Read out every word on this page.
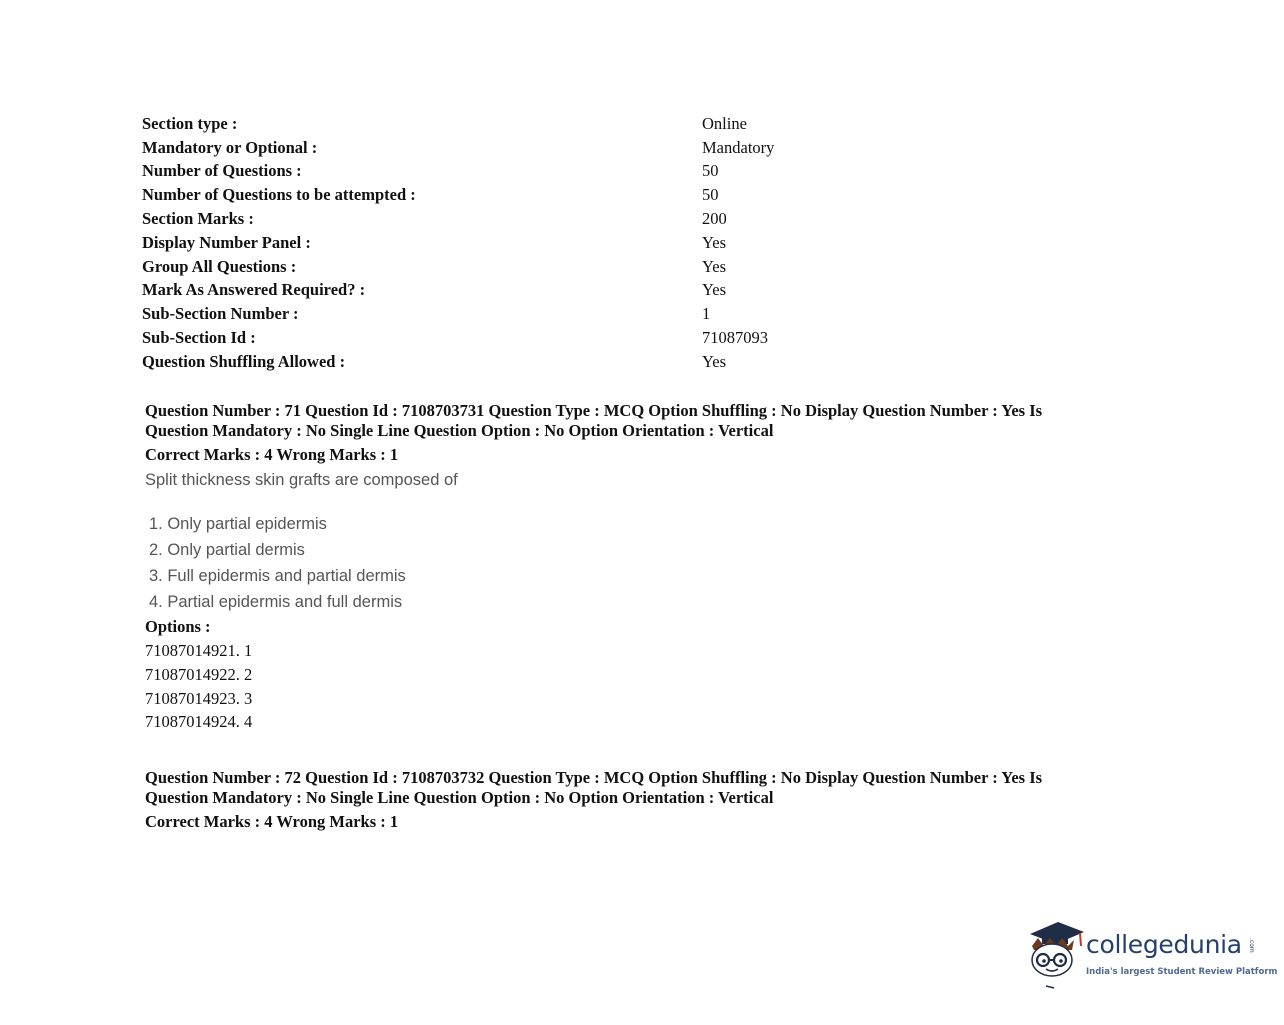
Section type :	Online
Mandatory or Optional :	Mandatory
Number of Questions :	50
Number of Questions to be attempted :	50
Section Marks :	200
Display Number Panel :	Yes
Group All Questions :	Yes
Mark As Answered Required? :	Yes
Sub-Section Number :	1
Sub-Section Id :	71087093
Question Shuffling Allowed :	Yes
Question Number : 71 Question Id : 7108703731 Question Type : MCQ Option Shuffling : No Display Question Number : Yes Is
Question Mandatory : No Single Line Question Option : No Option Orientation : Vertical
Correct Marks : 4 Wrong Marks : 1
Split thickness skin grafts are composed of
1. Only partial epidermis
2. Only partial dermis
3. Full epidermis and partial dermis
4. Partial epidermis and full dermis
Options :
71087014921. 1
71087014922. 2
71087014923. 3
71087014924. 4
Question Number : 72 Question Id : 7108703732 Question Type : MCQ Option Shuffling : No Display Question Number : Yes Is
Question Mandatory : No Single Line Question Option : No Option Orientation : Vertical
Correct Marks : 4 Wrong Marks : 1
collegedunia .com
India's largest Student Review Platform
